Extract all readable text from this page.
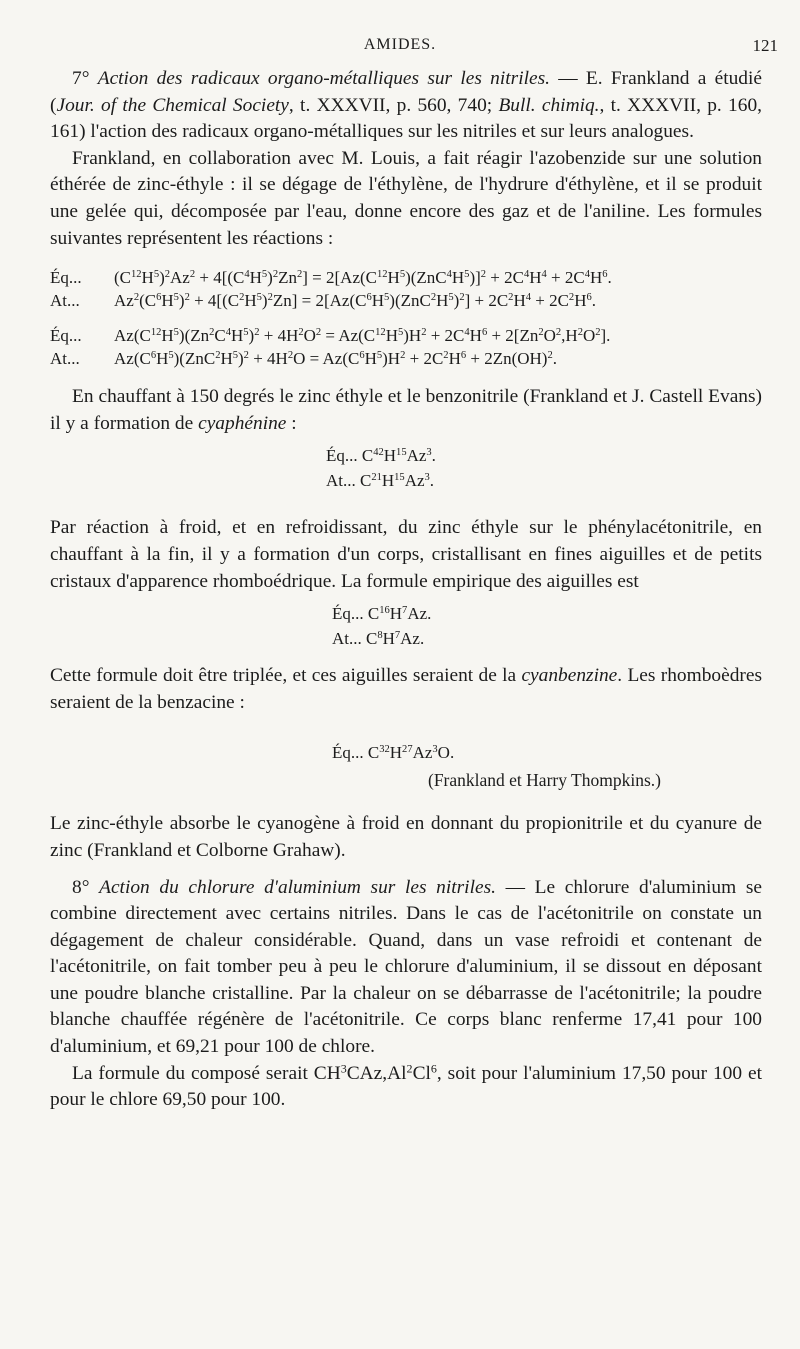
AMIDES.	121

7° Action des radicaux organo-métalliques sur les nitriles. — E. Frankland a étudié (Jour. of the Chemical Society, t. XXXVII, p. 560, 740; Bull. chimiq., t. XXXVII, p. 160, 161) l'action des radicaux organo-métalliques sur les nitriles et sur leurs analogues.

Frankland, en collaboration avec M. Louis, a fait réagir l'azobenzide sur une solution éthérée de zinc-éthyle : il se dégage de l'éthylène, de l'hydrure d'éthylène, et il se produit une gelée qui, décomposée par l'eau, donne encore des gaz et de l'aniline. Les formules suivantes représentent les réactions :

Éq... $(C^{12}H^5)^2Az^2 + 4[(C^4H^5)^2Zn^2] = 2[Az(C^{12}H^5)(ZnC^4H^5)]^2 + 2C^4H^4 + 2C^4H^6$.
At... $Az^2(C^6H^5)^2 + 4[(C^2H^5)^2Zn] = 2[Az(C^6H^5)(ZnC^2H^5)^2] + 2C^2H^4 + 2C^2H^6$.
Éq... $Az(C^{12}H^5)(Zn^2C^4H^5)^2 + 4H^2O^2 = Az(C^{12}H^5)H^2 + 2C^4H^6 + 2[Zn^2O^2,H^2O^2]$.
At... $Az(C^6H^5)(ZnC^2H^5)^2 + 4H^2O = Az(C^6H^5)H^2 + 2C^2H^6 + 2Zn(OH)^2$.

En chauffant à 150 degrés le zinc éthyle et le benzonitrile (Frankland et J. Castell Evans) il y a formation de cyaphénine :

Éq... $C^{42}H^{15}Az^3$.
At... $C^{21}H^{15}Az^3$.

Par réaction à froid, et en refroidissant, du zinc éthyle sur le phénylacétonitrile, en chauffant à la fin, il y a formation d'un corps, cristallisant en fines aiguilles et de petits cristaux d'apparence rhomboédrique. La formule empirique des aiguilles est

Éq... $C^{16}H^7Az$.
At... $C^8H^7Az$.

Cette formule doit être triplée, et ces aiguilles seraient de la cyanbenzine. Les rhomboèdres seraient de la benzacine :

Éq... $C^{32}H^{27}Az^3O$.
(Frankland et Harry Thompkins.)

Le zinc-éthyle absorbe le cyanogène à froid en donnant du propionitrile et du cyanure de zinc (Frankland et Colborne Grahaw).

8° Action du chlorure d'aluminium sur les nitriles. — Le chlorure d'aluminium se combine directement avec certains nitriles. Dans le cas de l'acétonitrile on constate un dégagement de chaleur considérable. Quand, dans un vase refroidi et contenant de l'acétonitrile, on fait tomber peu à peu le chlorure d'aluminium, il se dissout en déposant une poudre blanche cristalline. Par la chaleur on se débarrasse de l'acétonitrile; la poudre blanche chauffée régénère de l'acétonitrile. Ce corps blanc renferme 17,41 pour 100 d'aluminium, et 69,21 pour 100 de chlore.

La formule du composé serait $CH^3CAz,Al^2Cl^6$, soit pour l'aluminium 17,50 pour 100 et pour le chlore 69,50 pour 100.
